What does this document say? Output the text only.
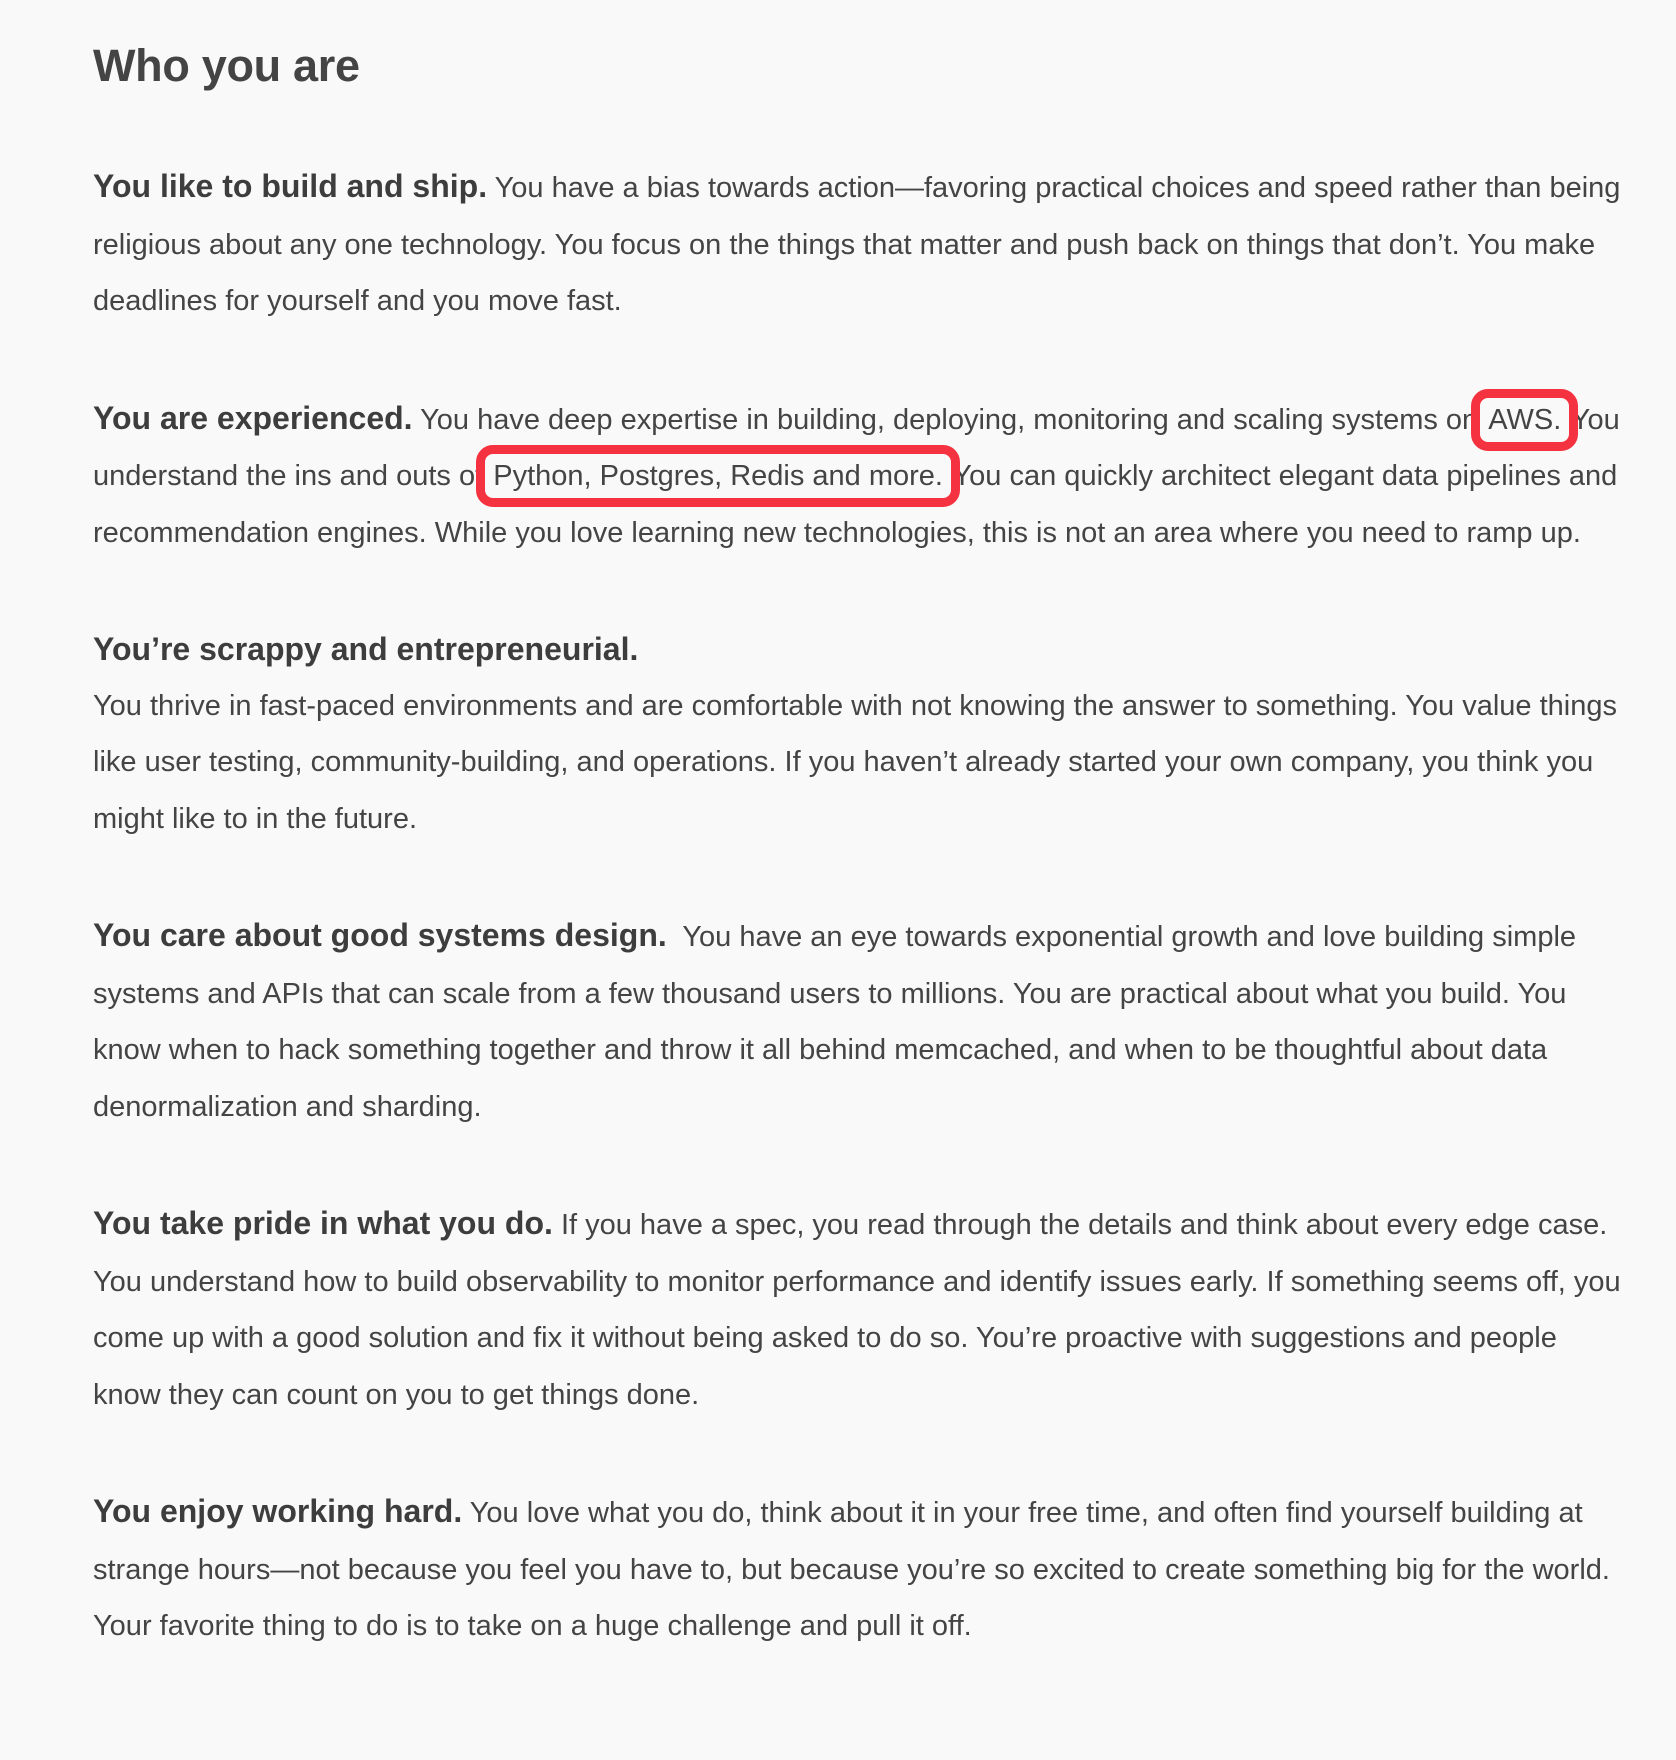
Who you are

You like to build and ship. You have a bias towards action—favoring practical choices and speed rather than being religious about any one technology. You focus on the things that matter and push back on things that don’t. You make deadlines for yourself and you move fast.

You are experienced. You have deep expertise in building, deploying, monitoring and scaling systems on AWS. You understand the ins and outs of Python, Postgres, Redis and more. You can quickly architect elegant data pipelines and recommendation engines. While you love learning new technologies, this is not an area where you need to ramp up.

You’re scrappy and entrepreneurial.
You thrive in fast-paced environments and are comfortable with not knowing the answer to something. You value things like user testing, community-building, and operations. If you haven’t already started your own company, you think you might like to in the future.

You care about good systems design.  You have an eye towards exponential growth and love building simple systems and APIs that can scale from a few thousand users to millions. You are practical about what you build. You know when to hack something together and throw it all behind memcached, and when to be thoughtful about data denormalization and sharding.

You take pride in what you do. If you have a spec, you read through the details and think about every edge case. You understand how to build observability to monitor performance and identify issues early. If something seems off, you come up with a good solution and fix it without being asked to do so. You’re proactive with suggestions and people know they can count on you to get things done.

You enjoy working hard. You love what you do, think about it in your free time, and often find yourself building at strange hours—not because you feel you have to, but because you’re so excited to create something big for the world. Your favorite thing to do is to take on a huge challenge and pull it off.
